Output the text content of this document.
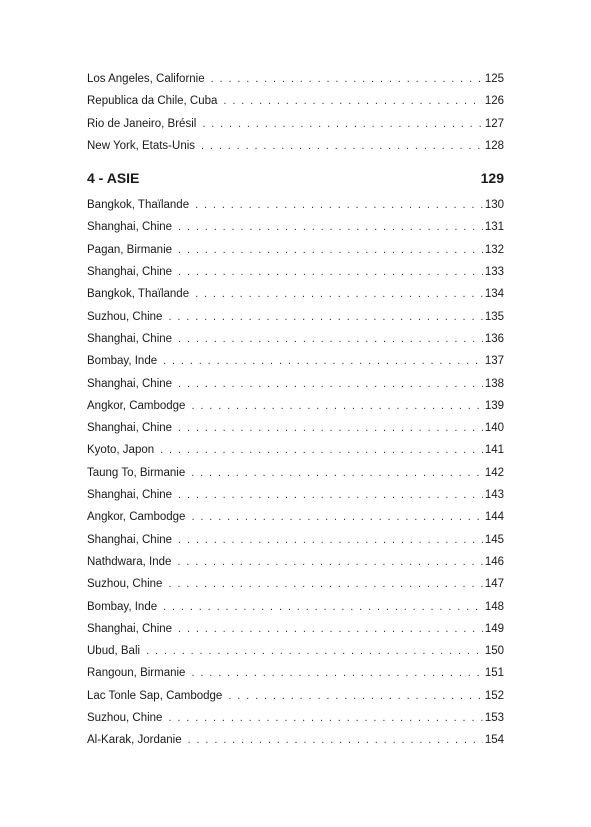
Los Angeles, Californie . . .	125
Republica da Chile, Cuba . . .	126
Rio de Janeiro, Brésil . . .	127
New York, Etats-Unis . . .	128
4 - ASIE	129
Bangkok, Thaïlande . . .	130
Shanghai, Chine . . .	131
Pagan, Birmanie . . .	132
Shanghai, Chine . . .	133
Bangkok, Thaïlande . . .	134
Suzhou, Chine . . .	135
Shanghai, Chine . . .	136
Bombay, Inde . . .	137
Shanghai, Chine . . .	138
Angkor, Cambodge . . .	139
Shanghai, Chine . . .	140
Kyoto, Japon . . .	141
Taung To, Birmanie . . .	142
Shanghai, Chine . . .	143
Angkor, Cambodge . . .	144
Shanghai, Chine . . .	145
Nathdwara, Inde . . .	146
Suzhou, Chine . . .	147
Bombay, Inde . . .	148
Shanghai, Chine . . .	149
Ubud, Bali . . .	150
Rangoun, Birmanie . . .	151
Lac Tonle Sap, Cambodge . . .	152
Suzhou, Chine . . .	153
Al-Karak, Jordanie . . .	154
